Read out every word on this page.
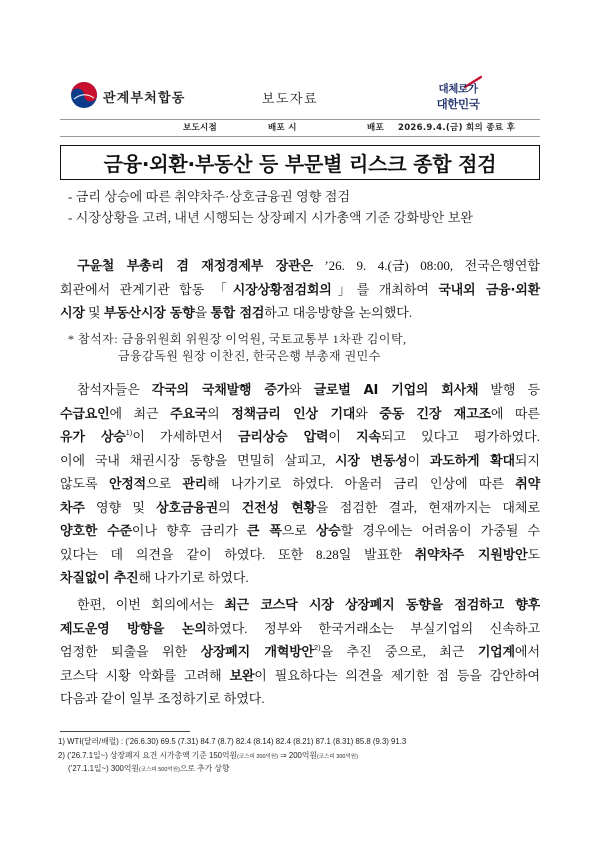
관계부처합동	보도자료
대체로가
대한민국
보도시점	배포 시	배포 2026.9.4.(금) 회의 종료 후
금융·외환·부동산 등 부문별 리스크 종합 점검
- 금리 상승에 따른 취약차주·상호금융권 영향 점검
- 시장상황을 고려, 내년 시행되는 상장폐지 시가총액 기준 강화방안 보완
구윤철 부총리 겸 재정경제부 장관은 ’26. 9. 4.(금) 08:00, 전국은행연합
회관에서 관계기관 합동 「시장상황점검회의」를 개최하여 국내외 금융·외환
시장 및 부동산시장 동향을 통합 점검하고 대응방향을 논의했다.
* 참석자: 금융위원회 위원장 이억원, 국토교통부 1차관 김이탁,
금융감독원 원장 이찬진, 한국은행 부총재 권민수
참석자들은 각국의 국채발행 증가와 글로벌 AI 기업의 회사채 발행 등
수급요인에 최근 주요국의 정책금리 인상 기대와 중동 긴장 재고조에 따른
유가 상승$^{1)}$이 가세하면서 금리상승 압력이 지속되고 있다고 평가하였다.
이에 국내 채권시장 동향을 면밀히 살피고, 시장 변동성이 과도하게 확대되지
않도록 안정적으로 관리해 나가기로 하였다. 아울러 금리 인상에 따른 취약
차주 영향 및 상호금융권의 건전성 현황을 점검한 결과, 현재까지는 대체로
양호한 수준이나 향후 금리가 큰 폭으로 상승할 경우에는 어려움이 가중될 수
있다는 데 의견을 같이 하였다. 또한 8.28일 발표한 취약차주 지원방안도
차질없이 추진해 나가기로 하였다.
한편, 이번 회의에서는 최근 코스닥 시장 상장폐지 동향을 점검하고 향후
제도운영 방향을 논의하였다. 정부와 한국거래소는 부실기업의 신속하고
엄정한 퇴출을 위한 상장폐지 개혁방안$^{2)}$을 추진 중으로, 최근 기업계에서
코스닥 시황 악화를 고려해 보완이 필요하다는 의견을 제기한 점 등을 감안하여
다음과 같이 일부 조정하기로 하였다.
1) WTI(달러/배럴) : (’26.6.30) 69.5 (7.31) 84.7 (8.7) 82.4 (8.14) 82.4 (8.21) 87.1 (8.31) 85.8 (9.3) 91.3
2) (’26.7.1일~) 상장폐지 요건 시가총액 기준 150억원(코스피 200억원) ⇒ 200억원(코스피 300억원)
(’27.1.1일~) 300억원(코스피 500억원)으로 추가 상향
